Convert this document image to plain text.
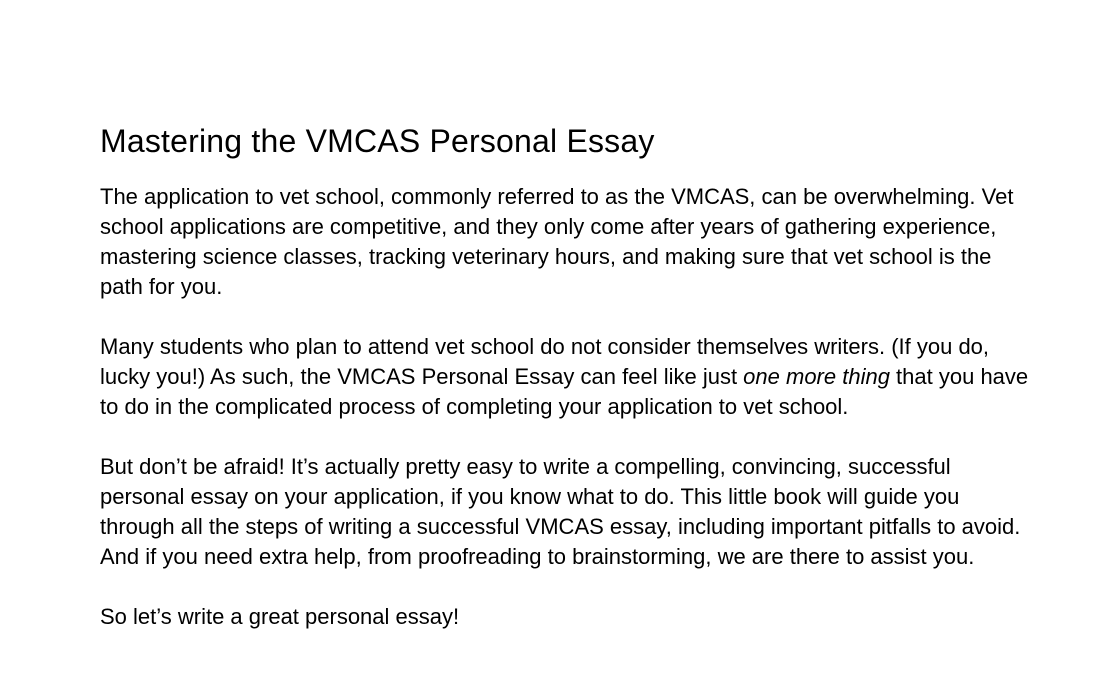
Mastering the VMCAS Personal Essay
The application to vet school, commonly referred to as the VMCAS, can be overwhelming. Vet
school applications are competitive, and they only come after years of gathering experience,
mastering science classes, tracking veterinary hours, and making sure that vet school is the
path for you.
Many students who plan to attend vet school do not consider themselves writers. (If you do,
lucky you!) As such, the VMCAS Personal Essay can feel like just one more thing that you have
to do in the complicated process of completing your application to vet school.
But don’t be afraid! It’s actually pretty easy to write a compelling, convincing, successful
personal essay on your application, if you know what to do. This little book will guide you
through all the steps of writing a successful VMCAS essay, including important pitfalls to avoid.
And if you need extra help, from proofreading to brainstorming, we are there to assist you.
So let’s write a great personal essay!
